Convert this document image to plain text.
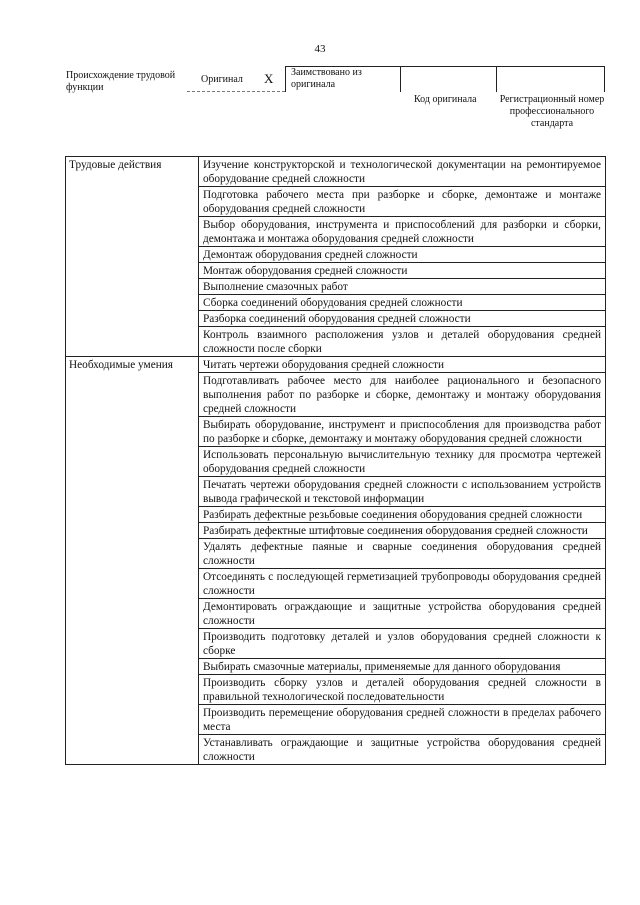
43
Происхождение трудовой функции
Оригинал X Заимствовано из оригинала
Код оригинала Регистрационный номер профессионального стандарта
Трудовые действия	Изучение конструкторской и технологической документации на ремонтируемое оборудование средней сложности
	Подготовка рабочего места при разборке и сборке, демонтаже и монтаже оборудования средней сложности
	Выбор оборудования, инструмента и приспособлений для разборки и сборки, демонтажа и монтажа оборудования средней сложности
	Демонтаж оборудования средней сложности
	Монтаж оборудования средней сложности
	Выполнение смазочных работ
	Сборка соединений оборудования средней сложности
	Разборка соединений оборудования средней сложности
	Контроль взаимного расположения узлов и деталей оборудования средней сложности после сборки
Необходимые умения	Читать чертежи оборудования средней сложности
	Подготавливать рабочее место для наиболее рационального и безопасного выполнения работ по разборке и сборке, демонтажу и монтажу оборудования средней сложности
	Выбирать оборудование, инструмент и приспособления для производства работ по разборке и сборке, демонтажу и монтажу оборудования средней сложности
	Использовать персональную вычислительную технику для просмотра чертежей оборудования средней сложности
	Печатать чертежи оборудования средней сложности с использованием устройств вывода графической и текстовой информации
	Разбирать дефектные резьбовые соединения оборудования средней сложности
	Разбирать дефектные штифтовые соединения оборудования средней сложности
	Удалять дефектные паяные и сварные соединения оборудования средней сложности
	Отсоединять с последующей герметизацией трубопроводы оборудования средней сложности
	Демонтировать ограждающие и защитные устройства оборудования средней сложности
	Производить подготовку деталей и узлов оборудования средней сложности к сборке
	Выбирать смазочные материалы, применяемые для данного оборудования
	Производить сборку узлов и деталей оборудования средней сложности в правильной технологической последовательности
	Производить перемещение оборудования средней сложности в пределах рабочего места
	Устанавливать ограждающие и защитные устройства оборудования средней сложности
